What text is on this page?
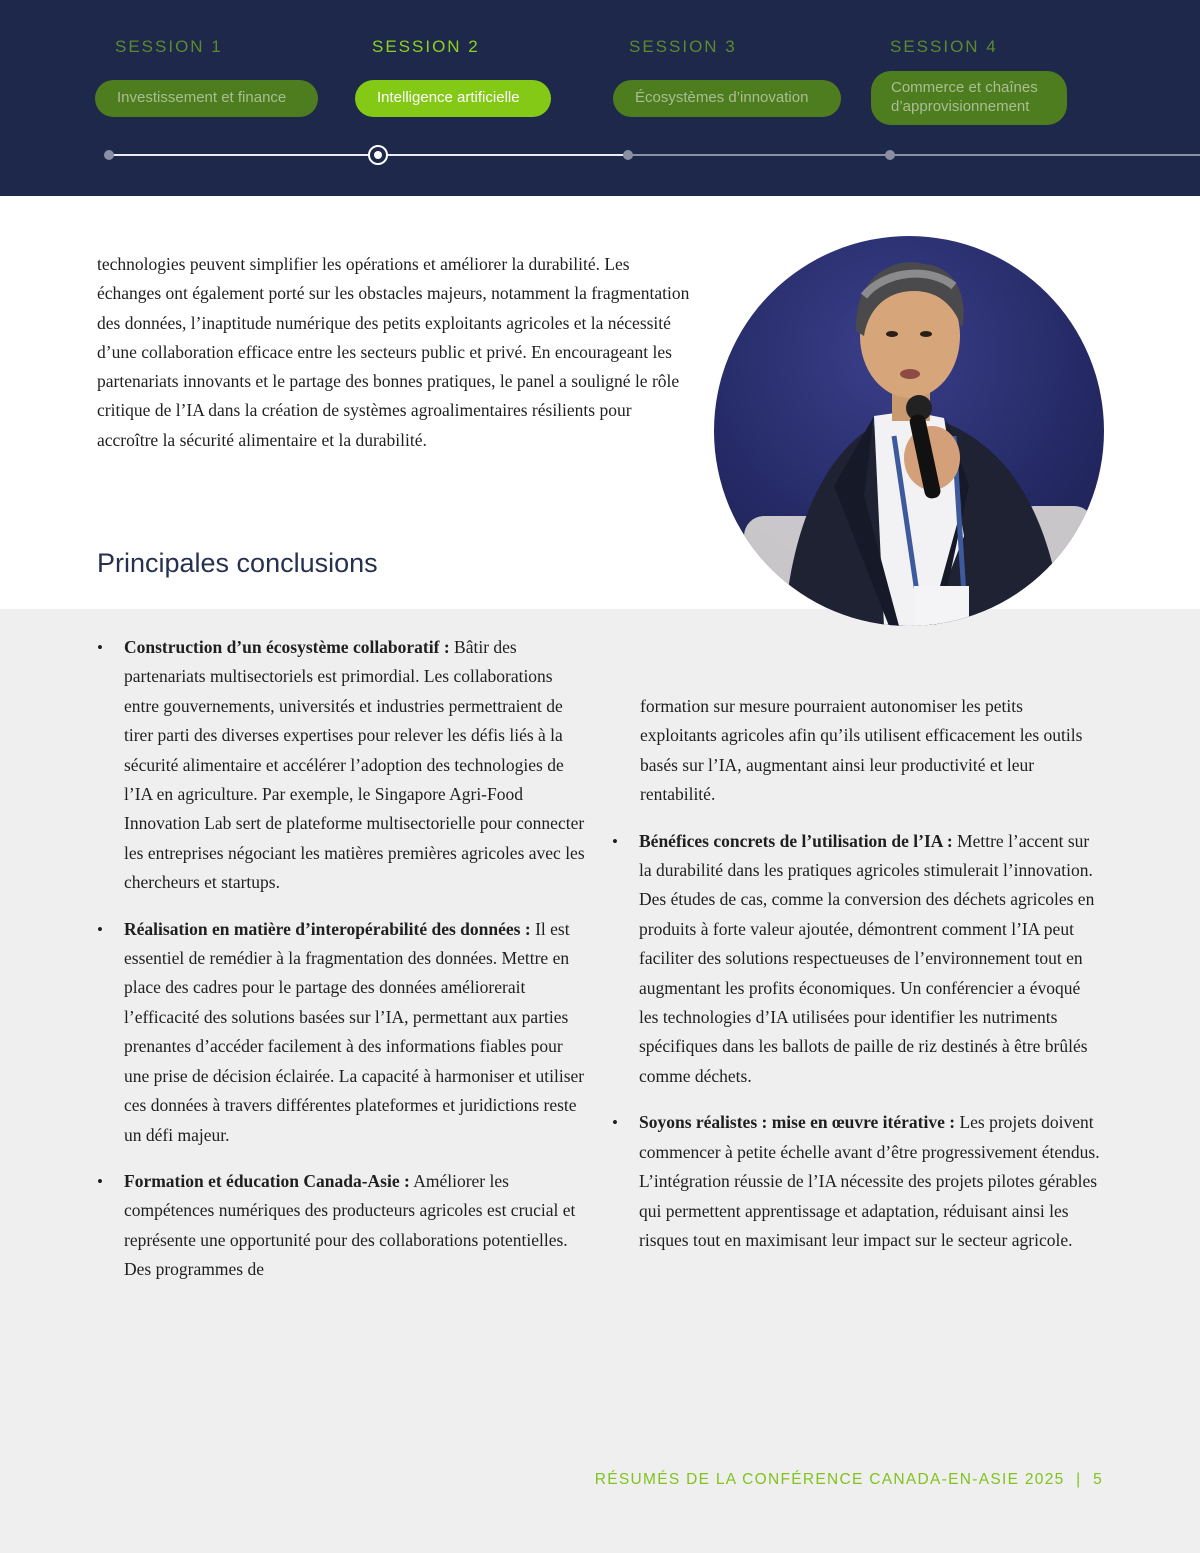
SESSION 1	SESSION 2	SESSION 3	SESSION 4
Investissement et finance	Intelligence artificielle	Écosystèmes d’innovation
Commerce et chaînes
d’approvisionnement

technologies peuvent simplifier les opérations et améliorer la durabilité. Les échanges ont également porté sur les obstacles majeurs, notamment la fragmentation des données, l’inaptitude numérique des petits exploitants agricoles et la nécessité d’une collaboration efficace entre les secteurs public et privé. En encourageant les partenariats innovants et le partage des bonnes pratiques, le panel a souligné le rôle critique de l’IA dans la création de systèmes agroalimentaires résilients pour accroître la sécurité alimentaire et la durabilité.

Principales conclusions
• Construction d’un écosystème collaboratif : Bâtir des partenariats multisectoriels est primordial. Les collaborations entre gouvernements, universités et industries permettraient de tirer parti des diverses expertises pour relever les défis liés à la sécurité alimentaire et accélérer l’adoption des technologies de l’IA en agriculture. Par exemple, le Singapore Agri-Food Innovation Lab sert de plateforme multisectorielle pour connecter les entreprises négociant les matières premières agricoles avec les chercheurs et startups.
• Réalisation en matière d’interopérabilité des données : Il est essentiel de remédier à la fragmentation des données. Mettre en place des cadres pour le partage des données améliorerait l’efficacité des solutions basées sur l’IA, permettant aux parties prenantes d’accéder facilement à des informations fiables pour une prise de décision éclairée. La capacité à harmoniser et utiliser ces données à travers différentes plateformes et juridictions reste un défi majeur.
• Formation et éducation Canada-Asie : Améliorer les compétences numériques des producteurs agricoles est crucial et représente une opportunité pour des collaborations potentielles. Des programmes de
formation sur mesure pourraient autonomiser les petits exploitants agricoles afin qu’ils utilisent efficacement les outils basés sur l’IA, augmentant ainsi leur productivité et leur rentabilité.
• Bénéfices concrets de l’utilisation de l’IA : Mettre l’accent sur la durabilité dans les pratiques agricoles stimulerait l’innovation. Des études de cas, comme la conversion des déchets agricoles en produits à forte valeur ajoutée, démontrent comment l’IA peut faciliter des solutions respectueuses de l’environnement tout en augmentant les profits économiques. Un conférencier a évoqué les technologies d’IA utilisées pour identifier les nutriments spécifiques dans les ballots de paille de riz destinés à être brûlés comme déchets.
• Soyons réalistes : mise en œuvre itérative : Les projets doivent commencer à petite échelle avant d’être progressivement étendus. L’intégration réussie de l’IA nécessite des projets pilotes gérables qui permettent apprentissage et adaptation, réduisant ainsi les risques tout en maximisant leur impact sur le secteur agricole.
RÉSUMÉS DE LA CONFÉRENCE CANADA-EN-ASIE 2025 | 5
